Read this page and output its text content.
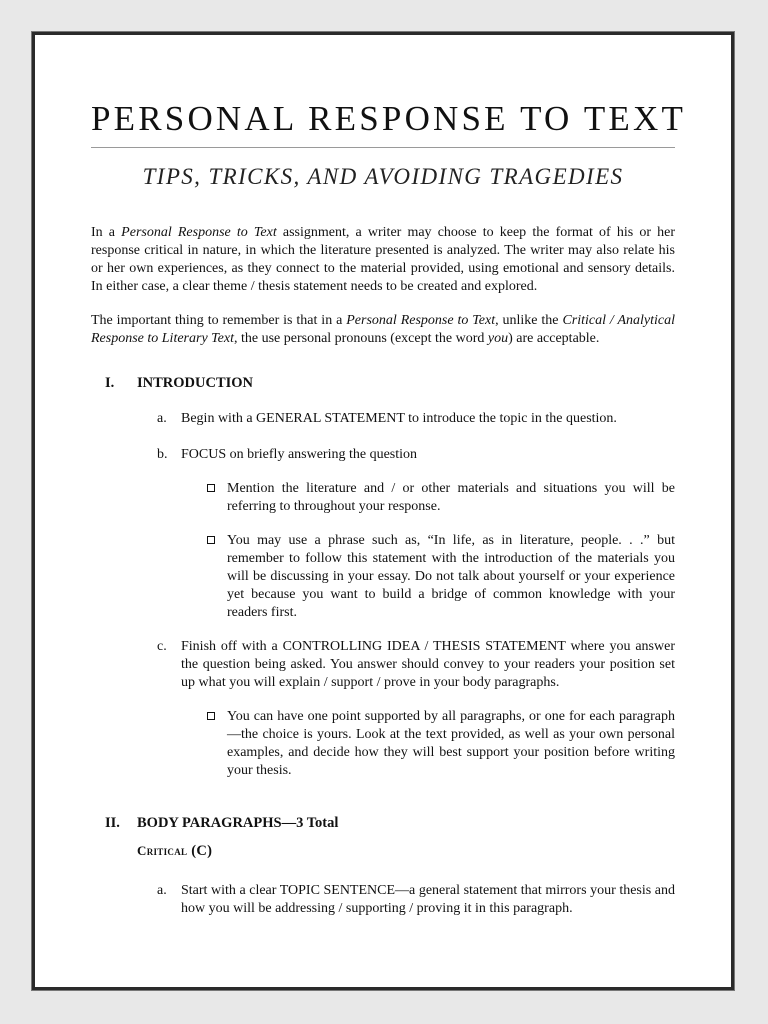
PERSONAL RESPONSE TO TEXT
TIPS, TRICKS, AND AVOIDING TRAGEDIES

In a Personal Response to Text assignment, a writer may choose to keep the format of his or her response critical in nature, in which the literature presented is analyzed. The writer may also relate his or her own experiences, as they connect to the material provided, using emotional and sensory details. In either case, a clear theme / thesis statement needs to be created and explored.

The important thing to remember is that in a Personal Response to Text, unlike the Critical / Analytical Response to Literary Text, the use personal pronouns (except the word you) are acceptable.

I.	INTRODUCTION
a.	Begin with a GENERAL STATEMENT to introduce the topic in the question.
b. FOCUS on briefly answering the question
Mention the literature and / or other materials and situations you will be referring to throughout your response.
You may use a phrase such as, “In life, as in literature, people. . .” but remember to follow this statement with the introduction of the materials you will be discussing in your essay. Do not talk about yourself or your experience yet because you want to build a bridge of common knowledge with your readers first.
c.	Finish off with a CONTROLLING IDEA / THESIS STATEMENT where you answer the question being asked. You answer should convey to your readers your position set up what you will explain / support / prove in your body paragraphs.
You can have one point supported by all paragraphs, or one for each paragraph—the choice is yours. Look at the text provided, as well as your own personal examples, and decide how they will best support your position before writing your thesis.
II.	BODY PARAGRAPHS—3 Total
Critical (C)
a.	Start with a clear TOPIC SENTENCE—a general statement that mirrors your thesis and how you will be addressing / supporting / proving it in this paragraph.
